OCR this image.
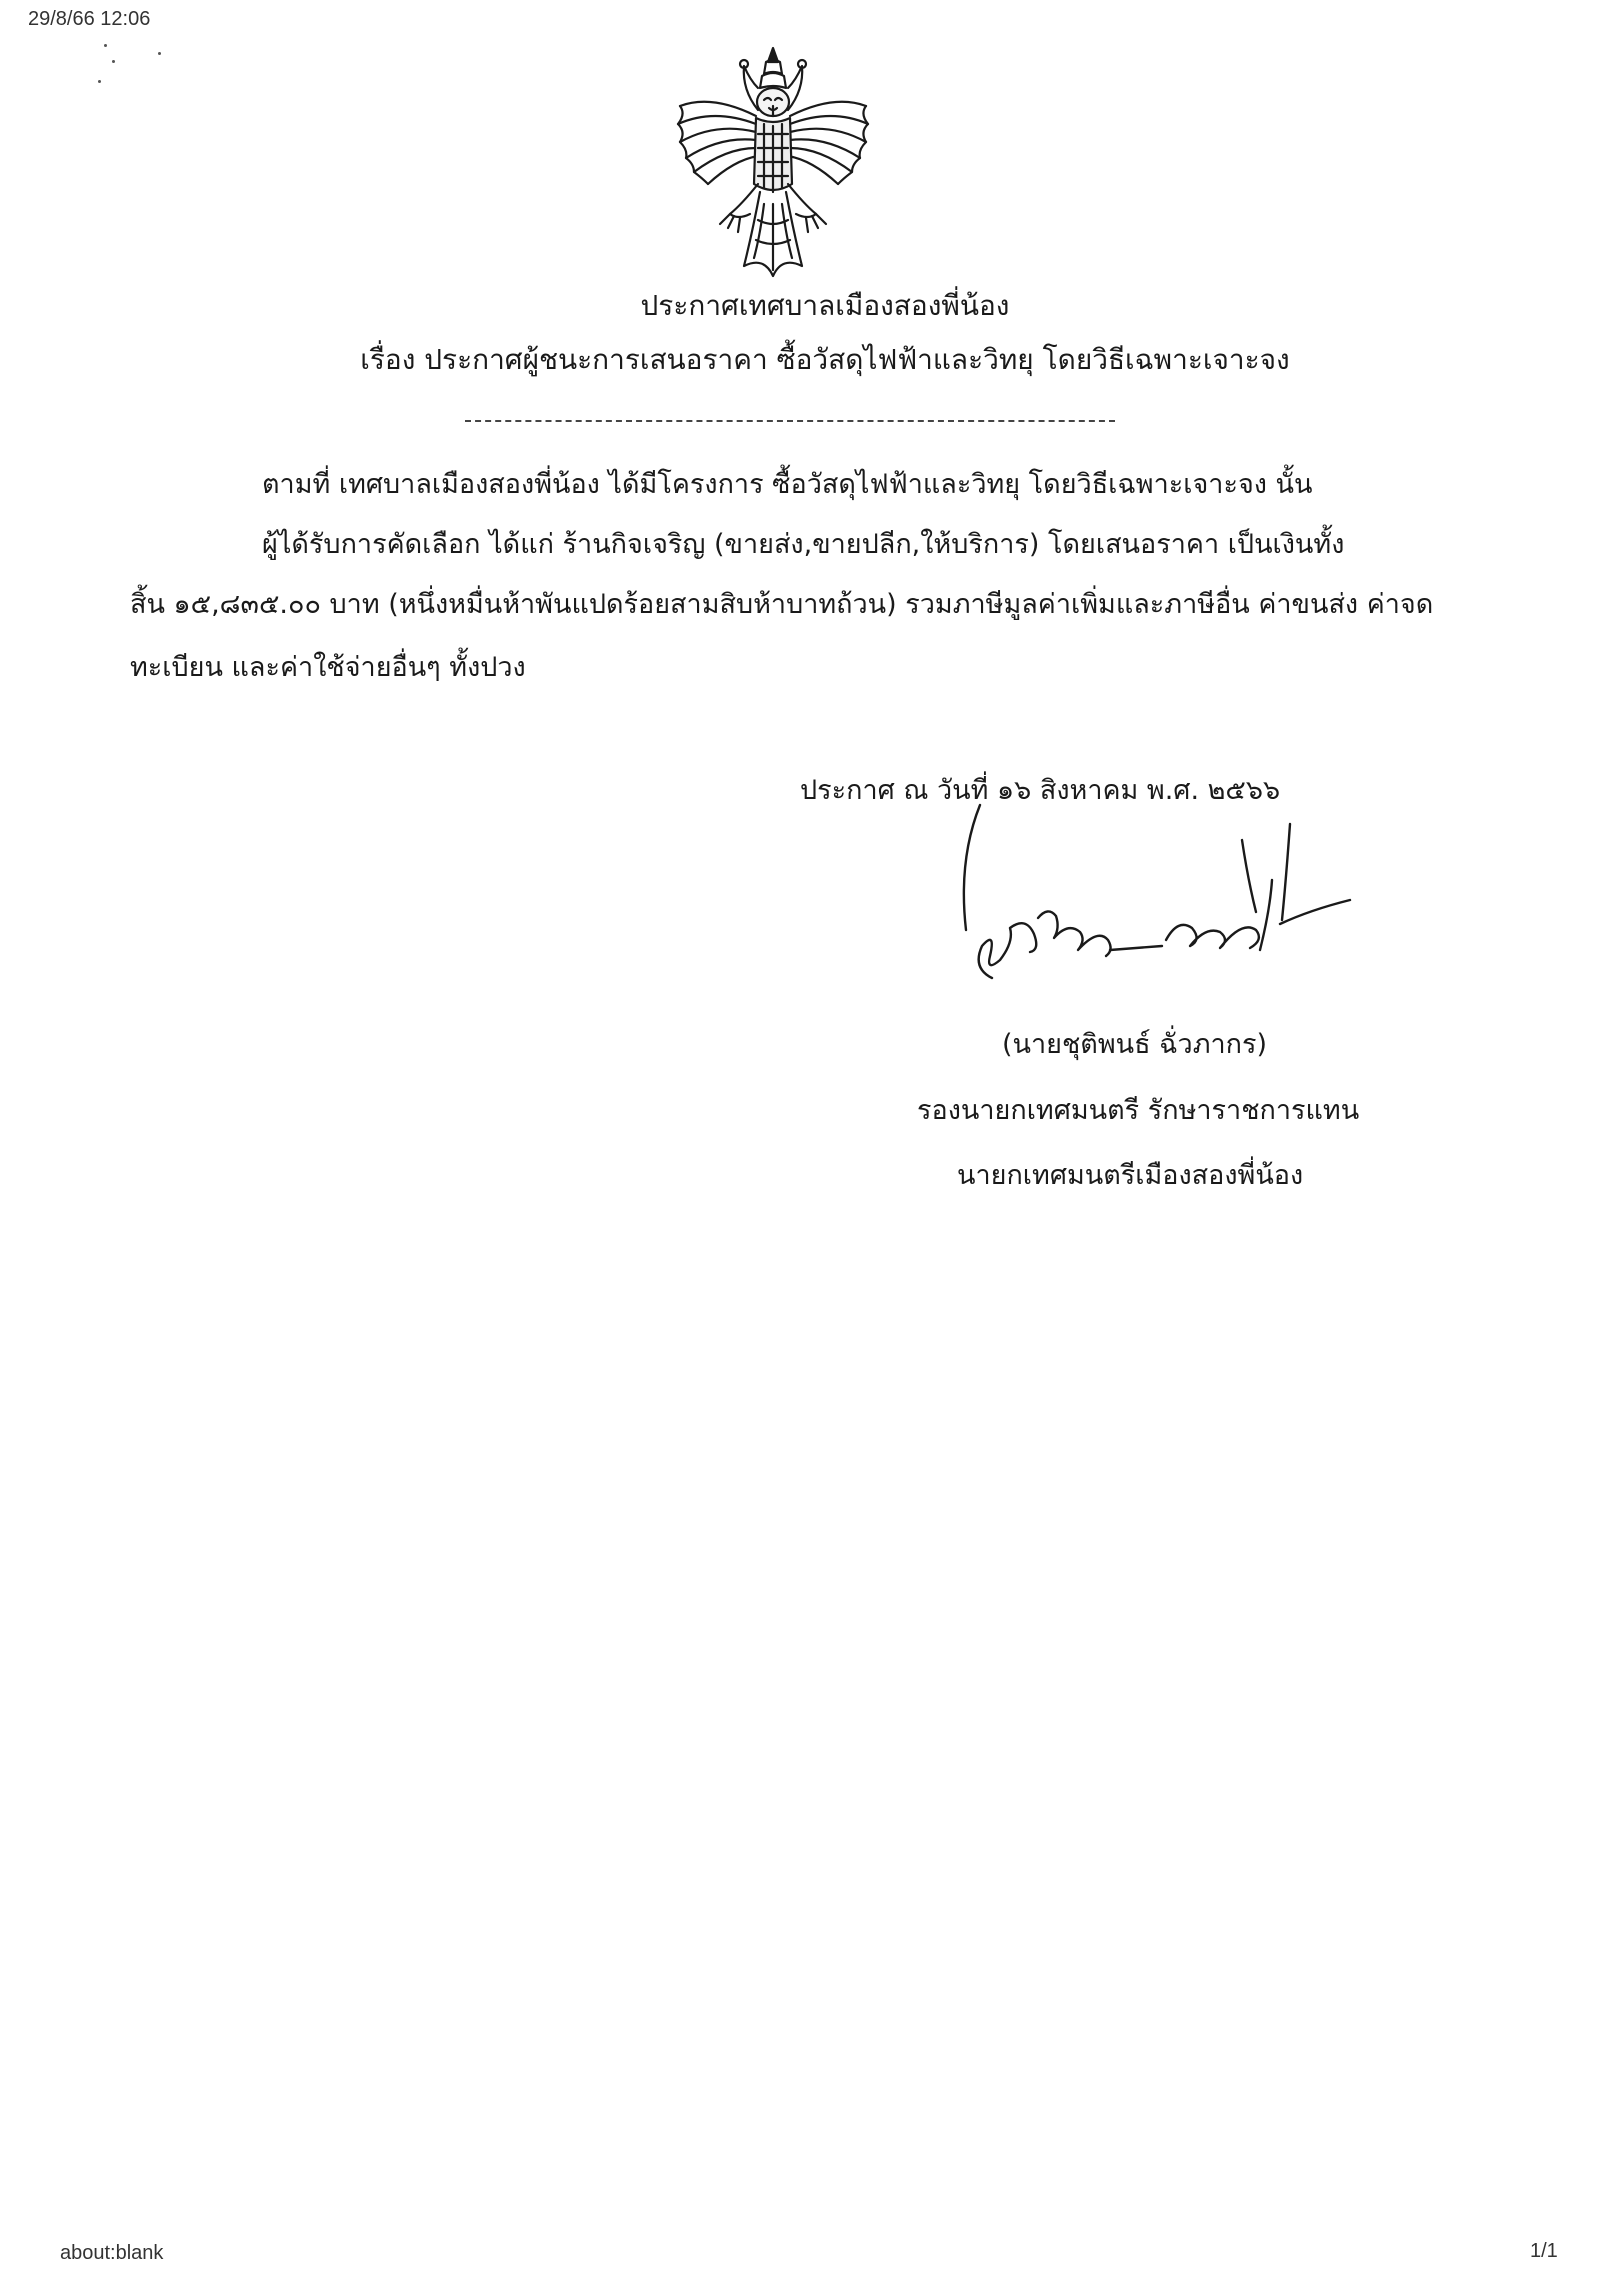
29/8/66 12:06
ประกาศเทศบาลเมืองสองพี่น้อง
เรื่อง ประกาศผู้ชนะการเสนอราคา ซื้อวัสดุไฟฟ้าและวิทยุ โดยวิธีเฉพาะเจาะจง
ตามที่ เทศบาลเมืองสองพี่น้อง ได้มีโครงการ ซื้อวัสดุไฟฟ้าและวิทยุ โดยวิธีเฉพาะเจาะจง นั้น
ผู้ได้รับการคัดเลือก ได้แก่ ร้านกิจเจริญ (ขายส่ง,ขายปลีก,ให้บริการ) โดยเสนอราคา เป็นเงินทั้ง
สิ้น ๑๕,๘๓๕.๐๐ บาท (หนึ่งหมื่นห้าพันแปดร้อยสามสิบห้าบาทถ้วน) รวมภาษีมูลค่าเพิ่มและภาษีอื่น ค่าขนส่ง ค่าจด
ทะเบียน และค่าใช้จ่ายอื่นๆ ทั้งปวง
ประกาศ ณ วันที่ ๑๖ สิงหาคม พ.ศ. ๒๕๖๖
(นายชุติพนธ์ ฉั่วภากร)
รองนายกเทศมนตรี รักษาราชการแทน
นายกเทศมนตรีเมืองสองพี่น้อง
about:blank	1/1
